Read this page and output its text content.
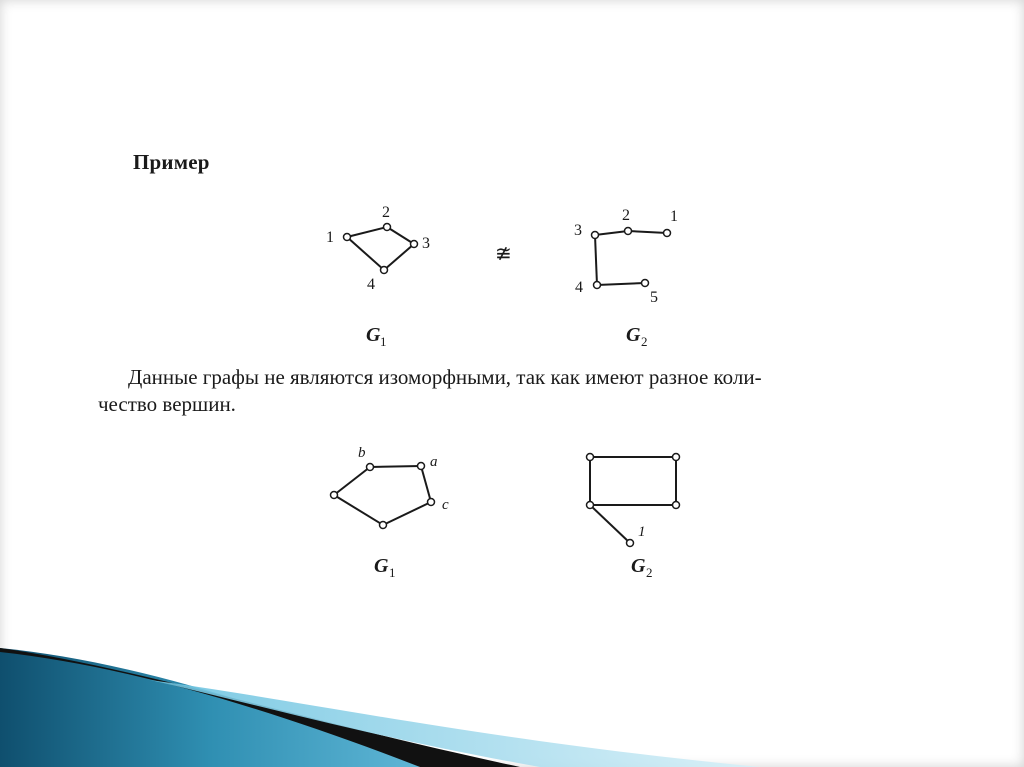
Пример
Данные графы не являются изоморфными, так как имеют разное коли-
чество вершин.
1
2
3
4
G 1
≇
1
2
3
4
5
G 2
b
a
c
G 1
1
G 2
